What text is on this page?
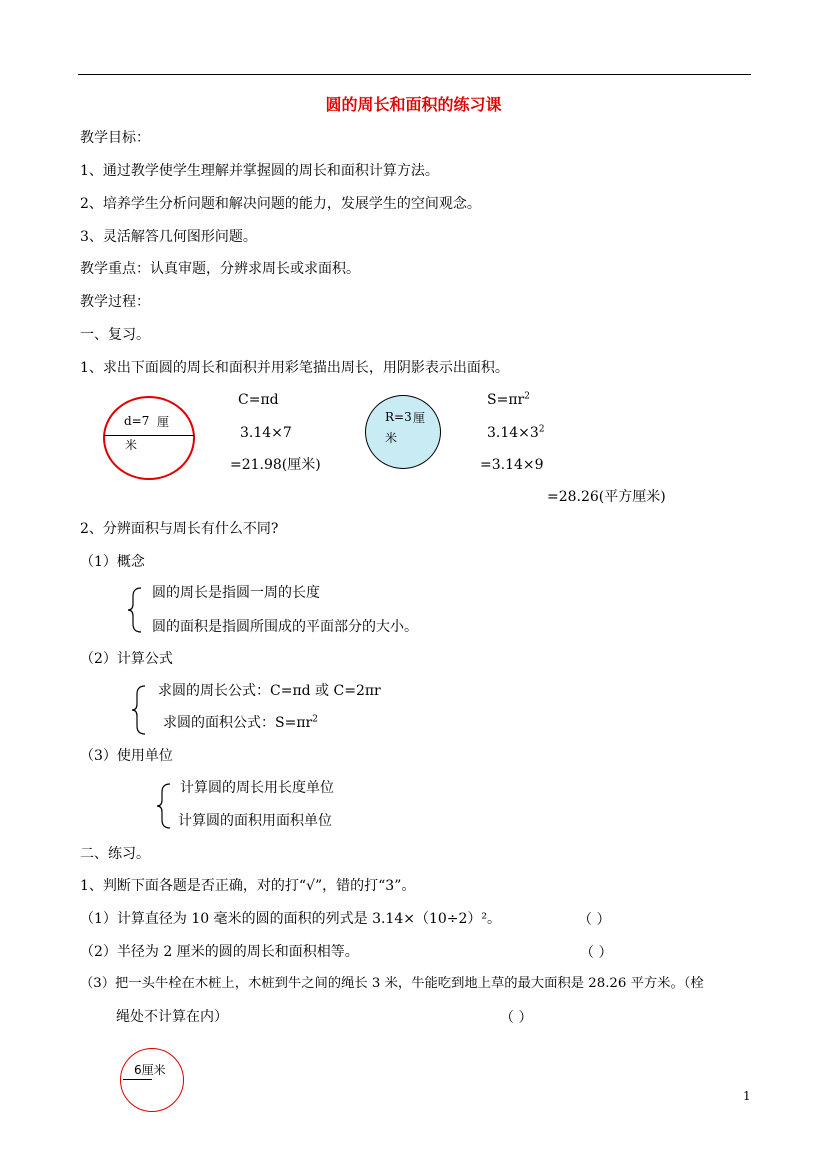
圆的周长和面积的练习课
教学目标：
1、通过教学使学生理解并掌握圆的周长和面积计算方法。
2、培养学生分析问题和解决问题的能力，发展学生的空间观念。
3、灵活解答几何图形问题。
教学重点：认真审题，分辨求周长或求面积。
教学过程：
一、复习。
1、求出下面圆的周长和面积并用彩笔描出周长，用阴影表示出面积。
d=7 厘
米
C=πd
3.14×7
=21.98(厘米)
R=3 厘
米
$S=\pi r^2$
$3.14\times 3^2$
=3.14×9
=28.26(平方厘米)
2、分辨面积与周长有什么不同?
（1）概念
圆的周长是指圆一周的长度
圆的面积是指圆所围成的平面部分的大小。
（2）计算公式
求圆的周长公式：C=πd 或 C=2πr
求圆的面积公式：$S=\pi r^2$
（3）使用单位
计算圆的周长用长度单位
计算圆的面积用面积单位
二、练习。
1、判断下面各题是否正确，对的打“√”，错的打“3”。
（1）计算直径为 10 毫米的圆的面积的列式是 3.14×（10÷2）²。	（ ）
（2）半径为 2 厘米的圆的周长和面积相等。	（ ）
（3）把一头牛栓在木桩上，木桩到牛之间的绳长 3 米，牛能吃到地上草的最大面积是 28.26 平方米。（栓
绳处不计算在内）	（ ）
6厘米
1
